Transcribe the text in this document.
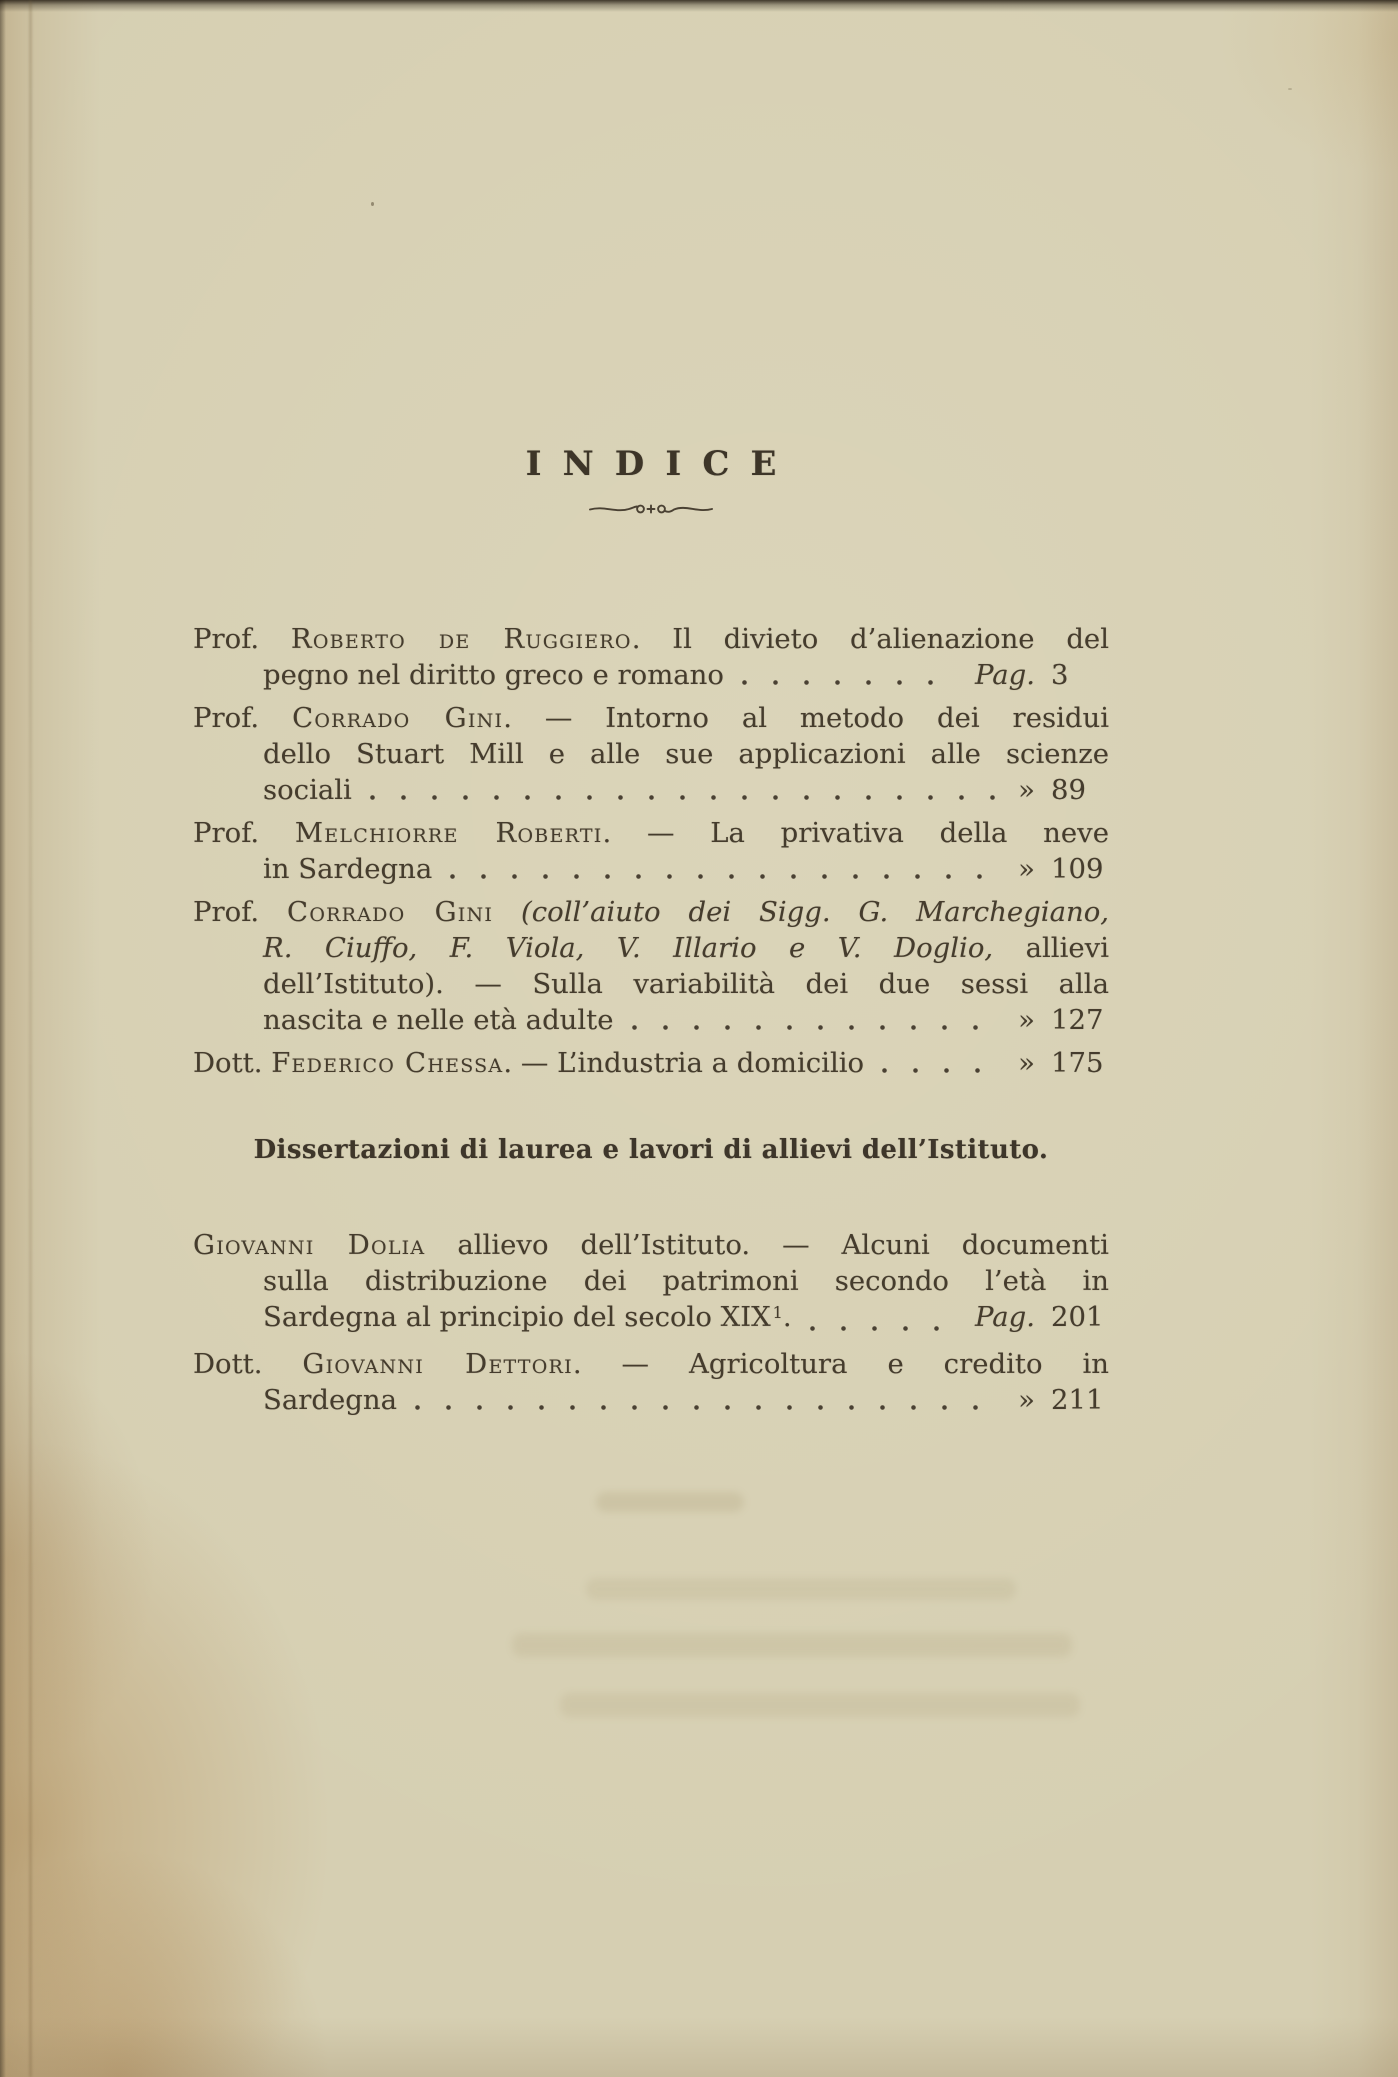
INDICE
Prof. Roberto de Ruggiero. Il divieto d’alienazione del
pegno nel diritto greco e romano	Pag. 3
Prof. Corrado Gini. — Intorno al metodo dei residui
dello Stuart Mill e alle sue applicazioni alle scienze
sociali	» 89
Prof. Melchiorre Roberti. — La privativa della neve
in Sardegna	» 109
Prof. Corrado Gini (coll’aiuto dei Sigg. G. Marchegiano,
R. Ciuffo, F. Viola, V. Illario e V. Doglio, allievi
dell’Istituto). — Sulla variabilità dei due sessi alla
nascita e nelle età adulte	» 127
Dott. Federico Chessa . — L’industria a domicilio	» 175
Dissertazioni di laurea e lavori di allievi dell’Istituto.
Giovanni Dolia allievo dell’Istituto. — Alcuni documenti
sulla distribuzione dei patrimoni secondo l’età in
Sardegna al principio del secolo XIX 1 .	Pag. 201
Dott. Giovanni Dettori. — Agricoltura e credito in
Sardegna	» 211
